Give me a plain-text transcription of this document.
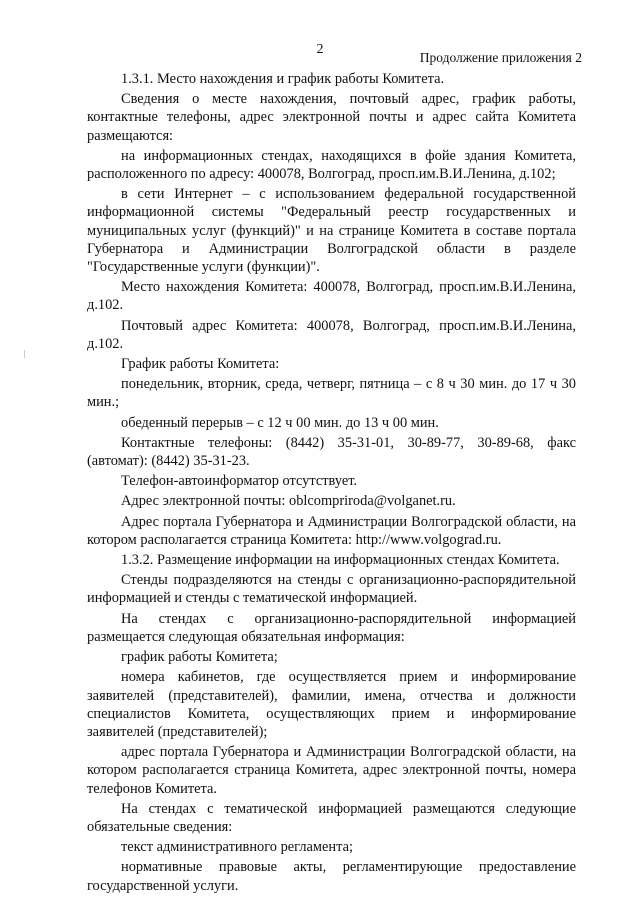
2
Продолжение приложения 2

1.3.1. Место нахождения и график работы Комитета.

Сведения о месте нахождения, почтовый адрес, график работы, контактные телефоны, адрес электронной почты и адрес сайта Комитета размещаются:

на информационных стендах, находящихся в фойе здания Комитета, расположенного по адресу: 400078, Волгоград, просп.им.В.И.Ленина, д.102;

в сети Интернет – с использованием федеральной государственной информационной системы "Федеральный реестр государственных и муниципальных услуг (функций)" и на странице Комитета в составе портала Губернатора и Администрации Волгоградской области в разделе "Государственные услуги (функции)".

Место нахождения Комитета: 400078, Волгоград, просп.им.В.И.Ленина, д.102.

Почтовый адрес Комитета: 400078, Волгоград, просп.им.В.И.Ленина, д.102.

График работы Комитета:

понедельник, вторник, среда, четверг, пятница – с 8 ч 30 мин. до 17 ч 30 мин.;

обеденный перерыв – с 12 ч 00 мин. до 13 ч 00 мин.

Контактные телефоны: (8442) 35-31-01, 30-89-77, 30-89-68, факс (автомат): (8442) 35-31-23.

Телефон-автоинформатор отсутствует.

Адрес электронной почты: oblcompriroda@volganet.ru.

Адрес портала Губернатора и Администрации Волгоградской области, на котором располагается страница Комитета: http://www.volgograd.ru.

1.3.2. Размещение информации на информационных стендах Комитета.

Стенды подразделяются на стенды с организационно-распорядительной информацией и стенды с тематической информацией.

На стендах с организационно-распорядительной информацией размещается следующая обязательная информация:

график работы Комитета;

номера кабинетов, где осуществляется прием и информирование заявителей (представителей), фамилии, имена, отчества и должности специалистов Комитета, осуществляющих прием и информирование заявителей (представителей);

адрес портала Губернатора и Администрации Волгоградской области, на котором располагается страница Комитета, адрес электронной почты, номера телефонов Комитета.

На стендах с тематической информацией размещаются следующие обязательные сведения:

текст административного регламента;

нормативные правовые акты, регламентирующие предоставление государственной услуги.
